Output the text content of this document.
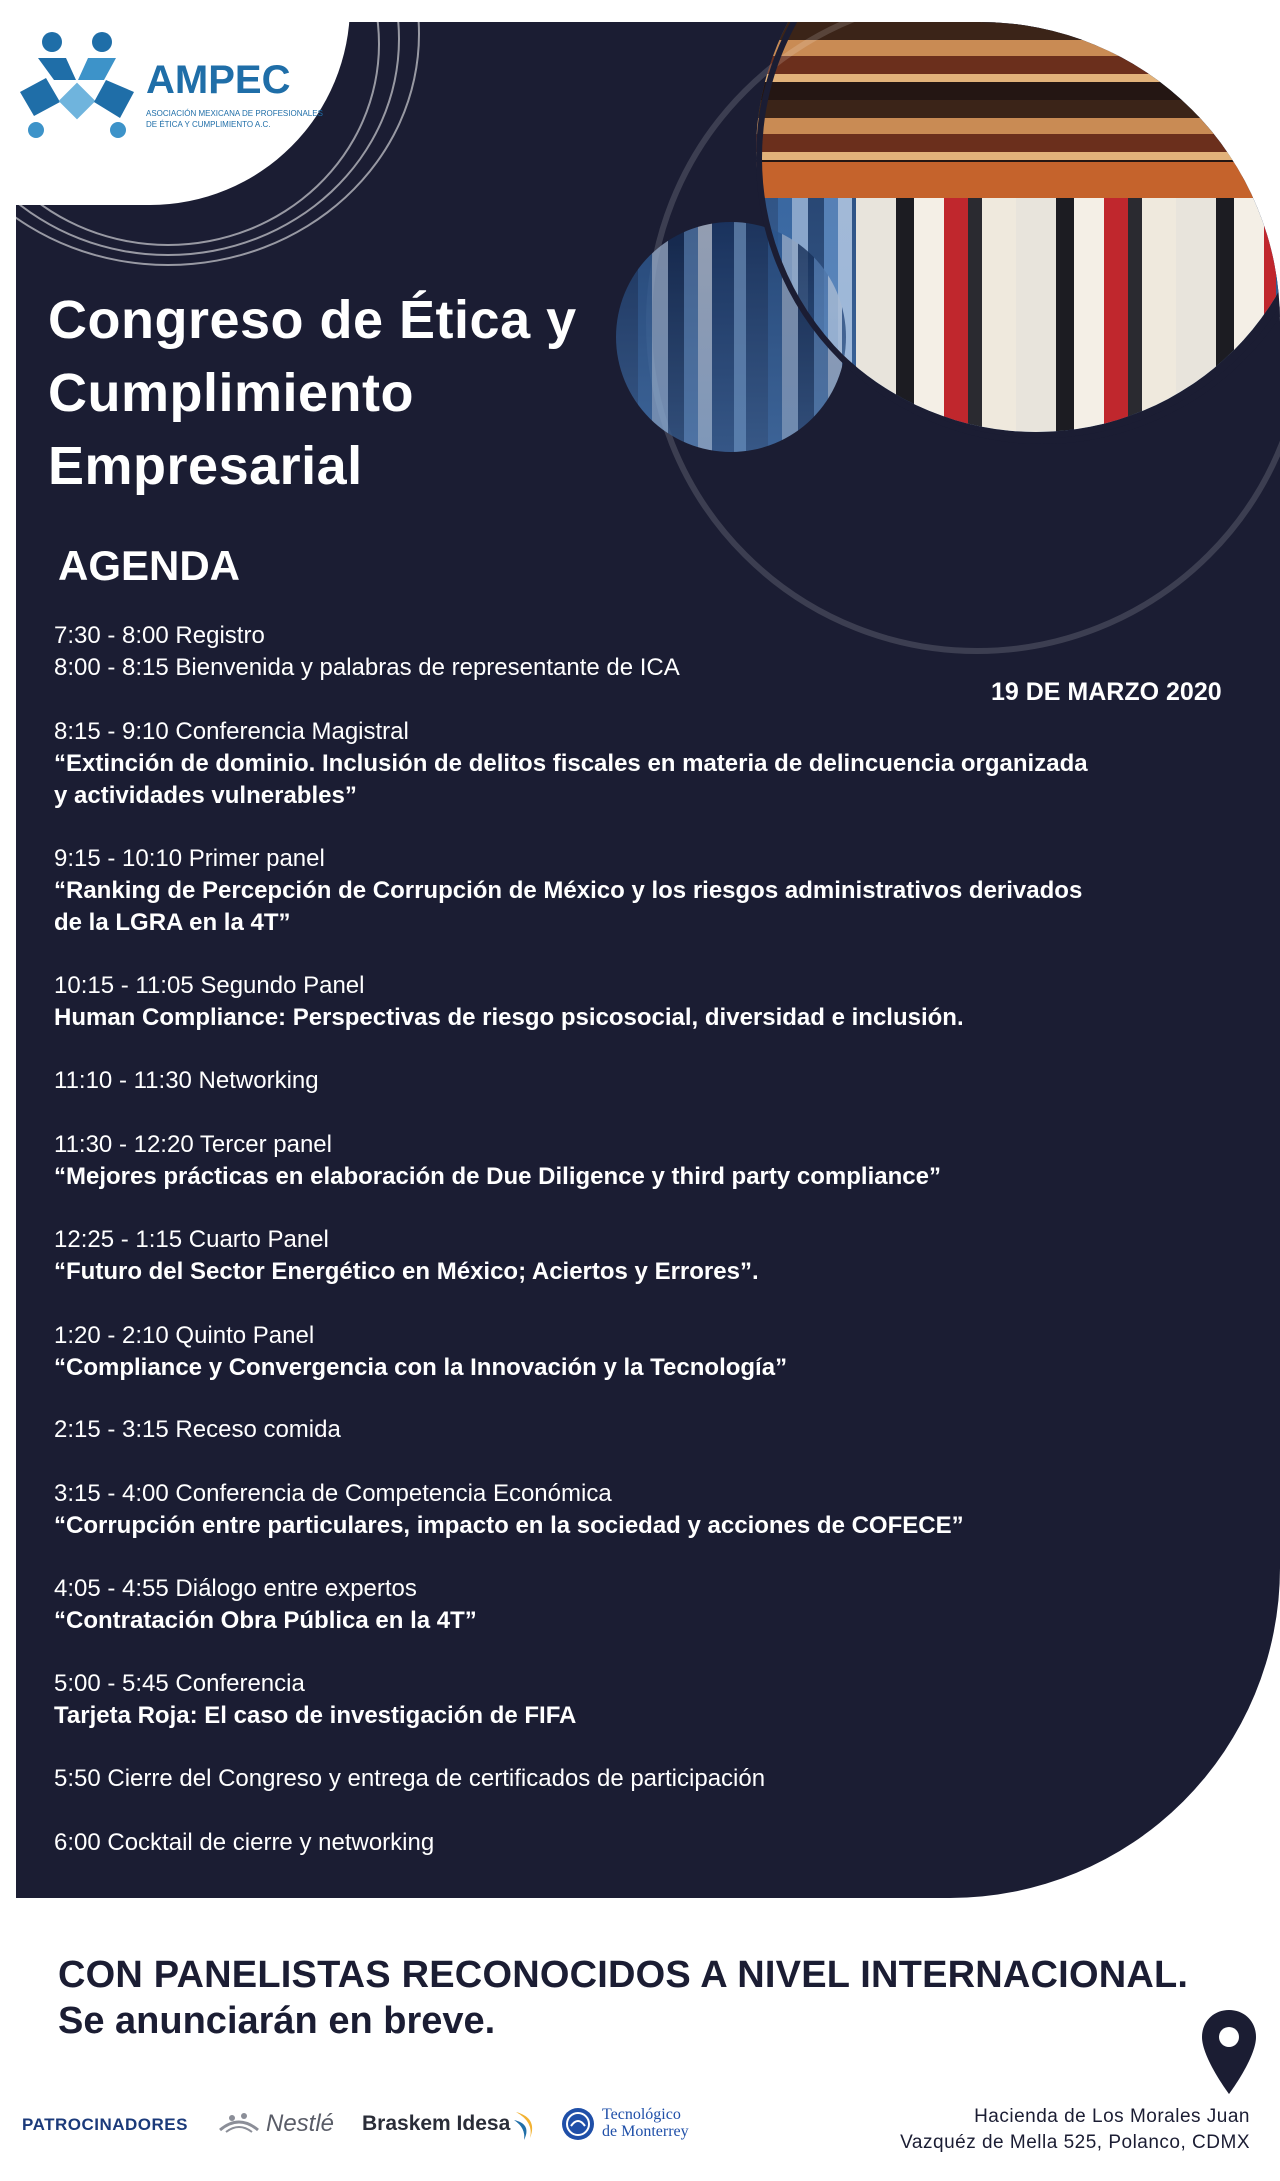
Congreso de Ética y
Cumplimiento
Empresarial
AGENDA
19 DE MARZO 2020
7:30 - 8:00 Registro
8:00 - 8:15 Bienvenida y palabras de representante de ICA
8:15 - 9:10 Conferencia Magistral
“Extinción de dominio. Inclusión de delitos fiscales en materia de delincuencia organizada
y actividades vulnerables”
9:15 - 10:10 Primer panel
“Ranking de Percepción de Corrupción de México y los riesgos administrativos derivados
de la LGRA en la 4T”
10:15 - 11:05 Segundo Panel
Human Compliance: Perspectivas de riesgo psicosocial, diversidad e inclusión.
11:10 - 11:30 Networking
11:30 - 12:20 Tercer panel
“Mejores prácticas en elaboración de Due Diligence y third party compliance”
12:25 - 1:15 Cuarto Panel
“Futuro del Sector Energético en México; Aciertos y Errores”.
1:20 - 2:10 Quinto Panel
“Compliance y Convergencia con la Innovación y la Tecnología”
2:15 - 3:15 Receso comida
3:15 - 4:00 Conferencia de Competencia Económica
“Corrupción entre particulares, impacto en la sociedad y acciones de COFECE”
4:05 - 4:55 Diálogo entre expertos
“Contratación Obra Pública en la 4T”
5:00 - 5:45 Conferencia
Tarjeta Roja: El caso de investigación de FIFA
5:50 Cierre del Congreso y entrega de certificados de participación
6:00 Cocktail de cierre y networking
AMPEC
ASOCIACIÓN MEXICANA DE PROFESIONALES
DE ÉTICA Y CUMPLIMIENTO A.C.
CON PANELISTAS RECONOCIDOS A NIVEL INTERNACIONAL.
Se anunciarán en breve.
PATROCINADORES	Nestlé Braskem Idesa	Tecnológico
de Monterrey
Hacienda de Los Morales Juan
Vazquéz de Mella 525, Polanco, CDMX
